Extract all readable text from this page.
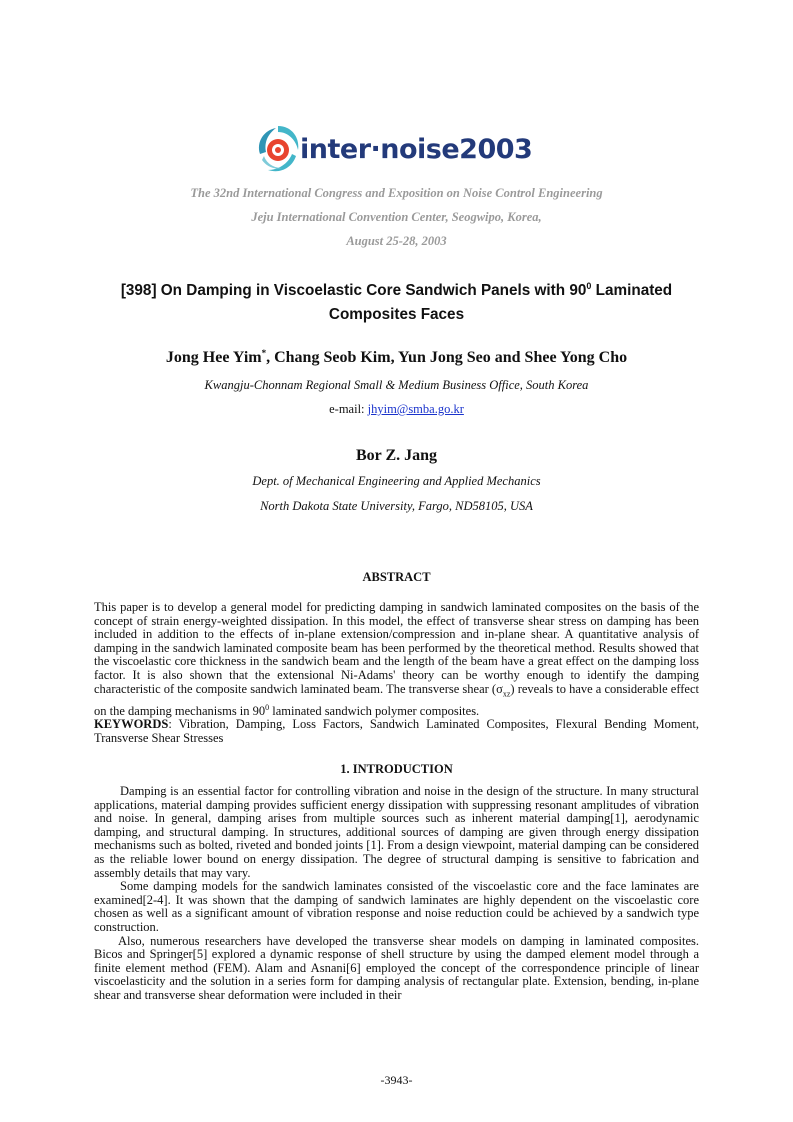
inter·noise2003
The 32nd International Congress and Exposition on Noise Control Engineering
Jeju International Convention Center, Seogwipo, Korea,
August 25-28, 2003
[398] On Damping in Viscoelastic Core Sandwich Panels with $90^0$ Laminated Composites Faces
Jong Hee Yim*, Chang Seob Kim, Yun Jong Seo and Shee Yong Cho
Kwangju-Chonnam Regional Small & Medium Business Office, South Korea
e-mail: jhyim@smba.go.kr
Bor Z. Jang
Dept. of Mechanical Engineering and Applied Mechanics
North Dakota State University, Fargo, ND58105, USA
ABSTRACT

This paper is to develop a general model for predicting damping in sandwich laminated composites on the basis of the concept of strain energy-weighted dissipation. In this model, the effect of transverse shear stress on damping has been included in addition to the effects of in-plane extension/compression and in-plane shear. A quantitative analysis of damping in the sandwich laminated composite beam has been performed by the theoretical method. Results showed that the viscoelastic core thickness in the sandwich beam and the length of the beam have a great effect on the damping loss factor. It is also shown that the extensional Ni-Adams' theory can be worthy enough to identify the damping characteristic of the composite sandwich laminated beam. The transverse shear $(\sigma_{xz})$ reveals to have a considerable effect on the damping mechanisms in $90^0$ laminated sandwich polymer composites.

KEYWORDS: Vibration, Damping, Loss Factors, Sandwich Laminated Composites, Flexural Bending Moment, Transverse Shear Stresses

1. INTRODUCTION

Damping is an essential factor for controlling vibration and noise in the design of the structure. In many structural applications, material damping provides sufficient energy dissipation with suppressing resonant amplitudes of vibration and noise. In general, damping arises from multiple sources such as inherent material damping[1], aerodynamic damping, and structural damping. In structures, additional sources of damping are given through energy dissipation mechanisms such as bolted, riveted and bonded joints [1]. From a design viewpoint, material damping can be considered as the reliable lower bound on energy dissipation. The degree of structural damping is sensitive to fabrication and assembly details that may vary.

Some damping models for the sandwich laminates consisted of the viscoelastic core and the face laminates are examined[2-4]. It was shown that the damping of sandwich laminates are highly dependent on the viscoelastic core chosen as well as a significant amount of vibration response and noise reduction could be achieved by a sandwich type construction.

Also, numerous researchers have developed the transverse shear models on damping in laminated composites. Bicos and Springer[5] explored a dynamic response of shell structure by using the damped element model through a finite element method (FEM). Alam and Asnani[6] employed the concept of the correspondence principle of linear viscoelasticity and the solution in a series form for damping analysis of rectangular plate. Extension, bending, in-plane shear and transverse shear deformation were included in their

-3943-
